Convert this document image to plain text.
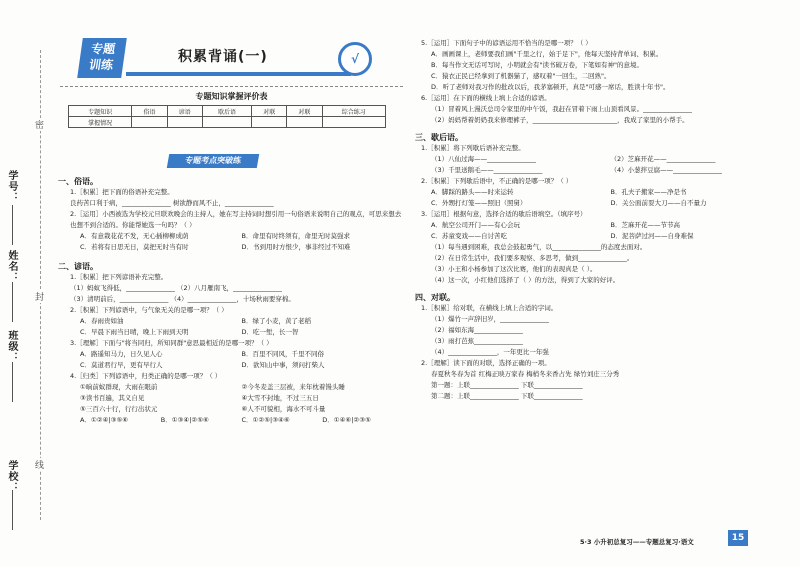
学号：
姓名：
班级：
学校：
密
封
线
专题
训练	积累背诵(一)	√
专题知识掌握评价表
专题知识	俗语	谚语	歇后语	对联	对联	综合练习
掌握情况						
专题考点突破练
一、俗语。
1.［积累］把下面的俗语补充完整。
良药苦口利于病，_______________ 树欲静而风不止，_______________
2.［运用］小西被选为学校元旦联欢晚会的主持人，她在写主持词时想引用一句俗语来说明自己的观点，可思来想去也想不到合适的。你能帮她选一句吗？（ ）
A．有意栽花花不发，无心插柳柳成荫	B．命里有时终须有，命里无时莫强求
C．若将有日思无日，莫把无时当有时	D．书到用时方恨少，事非经过不知难
二、谚语。
1.［积累］把下列谚语补充完整。
（1）蚂蚁飞得低，_______________ （2）八月雁南飞，_______________
（3）清明前后，_______________ （4）_______________，十场秋雨要穿棉。
2.［积累］下列谚语中，与气象无关的是哪一项？（ ）
A．春雨贵如油	B．绿了小麦，黄了老稻
C．早晨下雨当日晴，晚上下雨到天明	D．吃一堑，长一智
3.［理解］下面与"将当同归，所知同群"意思最相近的是哪一项？（ ）
A．路遥知马力，日久见人心	B．百里不同风，千里不同俗
C．莫道君行早，更有早行人	D．欲知山中事，须问打柴人
4.［归类］下列谚语中，归类正确的是哪一项？（ ）
①晌前蚁群现，大雨在眼前	②今冬麦盖三层被，来年枕着馒头睡
③读书百遍，其义自见	④大雪不封地，不过三五日
⑤三百六十行，行行出状元	⑥人不可貌相，海水不可斗量
A．①②④|③⑤⑥	B．①③④|②⑤⑥	C．①②⑤|③④⑥	D．①④⑥|②③⑤
5.［运用］下面句子中的谚语运用不恰当的是哪一项？（ ）
A．画画课上，老师要我们画"千里之行，始于足下"，他每天坚持背单词、积累。
B．每当作文无话可写时，小明就会有"读书破万卷，下笔如有神"的意境。
C．猿衣正民已经拿到了机器猫了，感叹着"一回生，二回熟"。
D．听了老师对我习作的批改以后，我茅塞顿开，真是"可感一席话，胜读十年书"。
6.［运用］在下面的横线上填上合适的谚语。
（1）冒着风上漫沃总司令家里的中午饭，我赶在冒着下雨上山顶看风景。_______________
（2）妈妈帮着奶奶我来修理裤子，__________________________，我成了家里的小帮手。
三、歇后语。
1.［积累］将下列歇后语补充完整。
（1）八仙过海——_______________	（2）芝麻开花——_______________
（3）千里送鹅毛——_______________	（4）小葱拌豆腐——_______________
2.［积累］下列歇后语中，不正确的是哪一项？（ ）
A．脚踩的路头——时来运转	B．孔夫子搬家——净是书
C．外甥打灯笼——照旧（照舅）	D．关公面前耍大刀——自不量力
3.［运用］根据句意，选择合适的歇后语填空。（填序号）
A．航空公司开门——有心会玩	B．芝麻开花——节节高
C．苏童变戏——自讨苦吃	D．泥菩萨过河——自身难保
（1）每当遇到困难，我总会鼓起勇气，以_______________的态度去面对。
（2）在日常生活中，我们要多观察、多思考，做到_______________。
（3）小王和小杨参加了这次比赛，他们的表现真是（ ）。
（4）这一次，小红他们选择了（ ）的方法，得到了大家的好评。
四、对联。
1.［积累］给对联，在横线上填上合适的字词。
（1）爆竹一声辞旧岁，_______________
（2）福如东海_______________
（3）雨打芭蕉_______________
（4）_______________，一年更比一年强
2.［理解］读下面的对联，选择正确的一项。
春夏秋冬春为首 红梅正映万家春 梅梢冬来香占先 绿竹刘庄三分秀
第一题：上联_______________ 下联_______________
第二题：上联_______________ 下联_______________
5·3 小升初总复习——专题总复习·语文	15
